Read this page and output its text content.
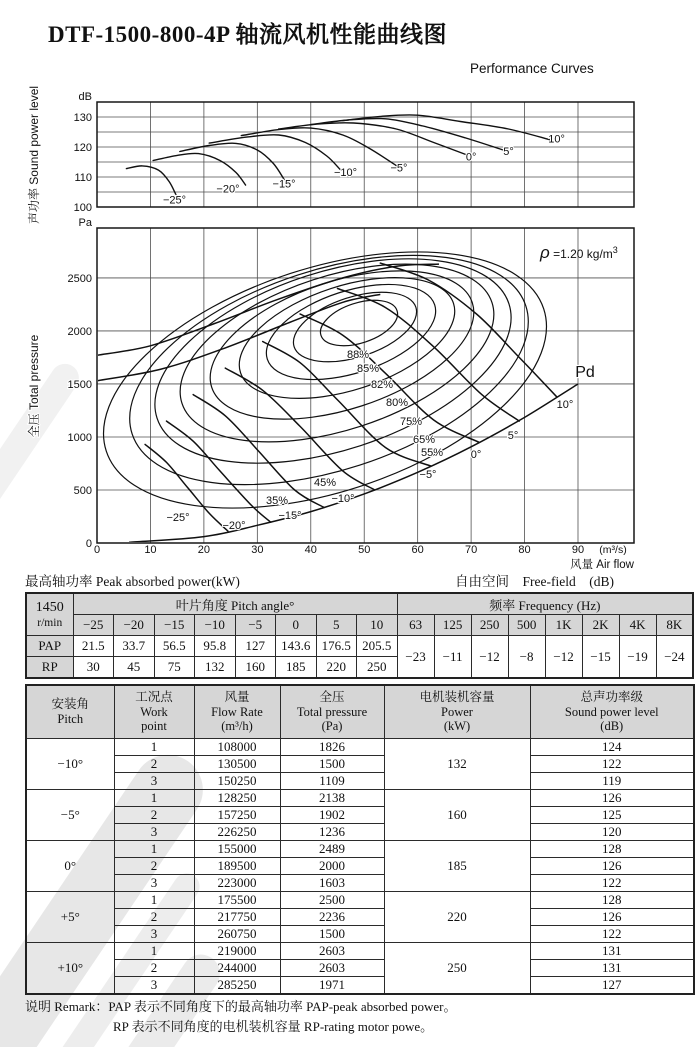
DTF-1500-800-4P 轴流风机性能曲线图
Performance Curves
−25°
−20°	−15°
−10°	−5°
0° 5°
10°
100
110
120
130
dB
声功率 Sound power level
−25°
−20°
−15°
−10°
−5°
0°
5°
10°
88%
85%
82%
80%
75%
65%
55%
45%
35%
Pd
ρ =1.20 $kg/m^3$
0	10	20	30	40	50	60	70	80	90 (m³/s)
风量 Air flow
0
500
1000
1500
2000
2500
Pa
全压 Total pressure
最高轴功率 Peak absorbed power(kW)	自由空间    Free-field    (dB)
1450
r/min	叶片角度 Pitch angle°								频率 Frequency (Hz)							
	−25	−20	−15	−10	−5	0	5	10	63	125	250	500	1K	2K	4K	8K
PAP	21.5	33.7	56.5	95.8	127	143.6	176.5	205.5	−23	−11	−12	−8	−12	−15	−19	−24
RP	30	45	75	132	160	185	220	250								
安装角
Pitch	工况点
Work
point	风量
Flow Rate
(m³/h)	全压
Total pressure
(Pa)	电机装机容量
Power
(kW)	总声功率级
Sound power level
(dB)
−10°	1	108000	1826	132	124
	2	130500	1500		122
	3	150250	1109		119
−5°	1	128250	2138	160	126
	2	157250	1902		125
	3	226250	1236		120
0°	1	155000	2489	185	128
	2	189500	2000		126
	3	223000	1603		122
+5°	1	175500	2500	220	128
	2	217750	2236		126
	3	260750	1500		122
+10°	1	219000	2603	250	131
	2	244000	2603		131
	3	285250	1971		127
说明 Remark：PAP 表示不同角度下的最高轴功率 PAP-peak absorbed power。
RP 表示不同角度的电机装机容量 RP-rating motor powe。
